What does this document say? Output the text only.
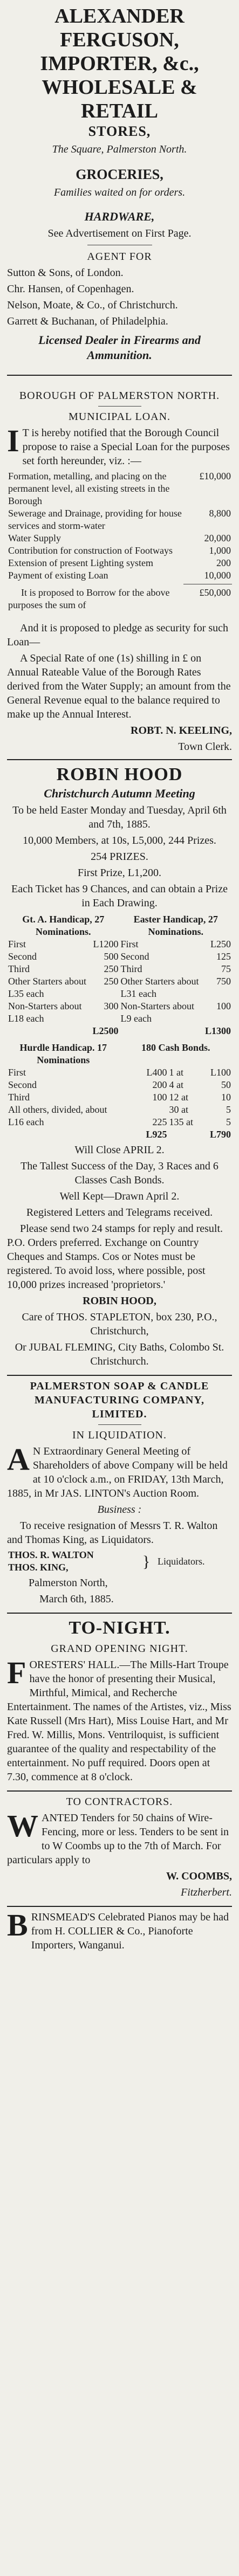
ALEXANDER FERGUSON,
IMPORTER, &c.,
WHOLESALE & RETAIL
STORES,
The Square, Palmerston North.
GROCERIES,
Families waited on for orders.
HARDWARE,
See Advertisement on First Page.
AGENT FOR
Sutton & Sons, of London.
Chr. Hansen, of Copenhagen.
Nelson, Moate, & Co., of Christchurch.
Garrett & Buchanan, of Philadelphia.
Licensed Dealer in Firearms and Ammunition.
BOROUGH OF PALMERSTON NORTH.
MUNICIPAL LOAN.
I T is hereby notified that the Borough Council propose to raise a Special Loan for the purposes set forth hereunder, viz. :—
Formation, metalling, and placing on the permanent level, all existing streets in the Borough	£10,000
Sewerage and Drainage, providing for house services and storm-water	8,800
Water Supply	20,000
Contribution for construction of Footways	1,000
Extension of present Lighting system	200
Payment of existing Loan	10,000
It is proposed to Borrow for the above purposes the sum of	£50,000
And it is proposed to pledge as security for such Loan—
A Special Rate of one (1s) shilling in £ on Annual Rateable Value of the Borough Rates derived from the Water Supply; an amount from the General Revenue equal to the balance required to make up the Annual Interest.
ROBT. N. KEELING,
Town Clerk.
ROBIN HOOD
Christchurch Autumn Meeting
To be held Easter Monday and Tuesday, April 6th and 7th, 1885.
10,000 Members, at 10s, L5,000, 244 Prizes.
254 PRIZES.
First Prize, L1,200.
Each Ticket has 9 Chances, and can obtain a Prize in Each Drawing.
Gt. A. Handicap, 27 Nominations.	Easter Handicap, 27 Nominations.
First	L1200	First	L250
Second	500	Second	125
Third	250	Third	75
Other Starters about L35 each	250	Other Starters about L31 each	750
Non-Starters about L18 each	300	Non-Starters about L9 each	100
	L2500		L1300
Hurdle Handicap. 17 Nominations	180 Cash Bonds.
First	L400	1 at	L100
Second	200	4 at	50
Third	100	12 at	10
All others, divided, about		30 at	5
L16 each	225	135 at	5
	L925		L790
Will Close APRIL 2.
The Tallest Success of the Day, 3 Races and 6 Classes Cash Bonds.
Well Kept—Drawn April 2.
Registered Letters and Telegrams received.
Please send two 24 stamps for reply and result. P.O. Orders preferred. Exchange on Country Cheques and Stamps. Cos or Notes must be registered. To avoid loss, where possible, post 10,000 prizes increased 'proprietors.'
ROBIN HOOD,
Care of THOS. STAPLETON, box 230, P.O., Christchurch,
Or JUBAL FLEMING, City Baths, Colombo St. Christchurch.
PALMERSTON SOAP & CANDLE MANUFACTURING COMPANY, LIMITED.
IN LIQUIDATION.
A N Extraordinary General Meeting of Shareholders of above Company will be held at 10 o'clock a.m., on FRIDAY, 13th March, 1885, in Mr JAS. LINTON's Auction Room.
Business :
To receive resignation of Messrs T. R. Walton and Thomas King, as Liquidators.
THOS. R. WALTON	}	Liquidators.
THOS. KING,
Palmerston North,
March 6th, 1885.
TO-NIGHT.
GRAND OPENING NIGHT.
FORESTERS' HALL.—The Mills-Hart Troupe have the honor of presenting their Musical, Mirthful, Mimical, and Recherche Entertainment. The names of the Artistes, viz., Miss Kate Russell (Mrs Hart), Miss Louise Hart, and Mr Fred. W. Millis, Mons. Ventriloquist, is sufficient guarantee of the quality and respectability of the entertainment. No puff required. Doors open at 7.30, commence at 8 o'clock.
TO CONTRACTORS.
WANTED Tenders for 50 chains of Wire-Fencing, more or less. Tenders to be sent in to W Coombs up to the 7th of March. For particulars apply to
W. COOMBS,
Fitzherbert.
BRINSMEAD'S Celebrated Pianos may be had from H. COLLIER & Co., Pianoforte Importers, Wanganui.
